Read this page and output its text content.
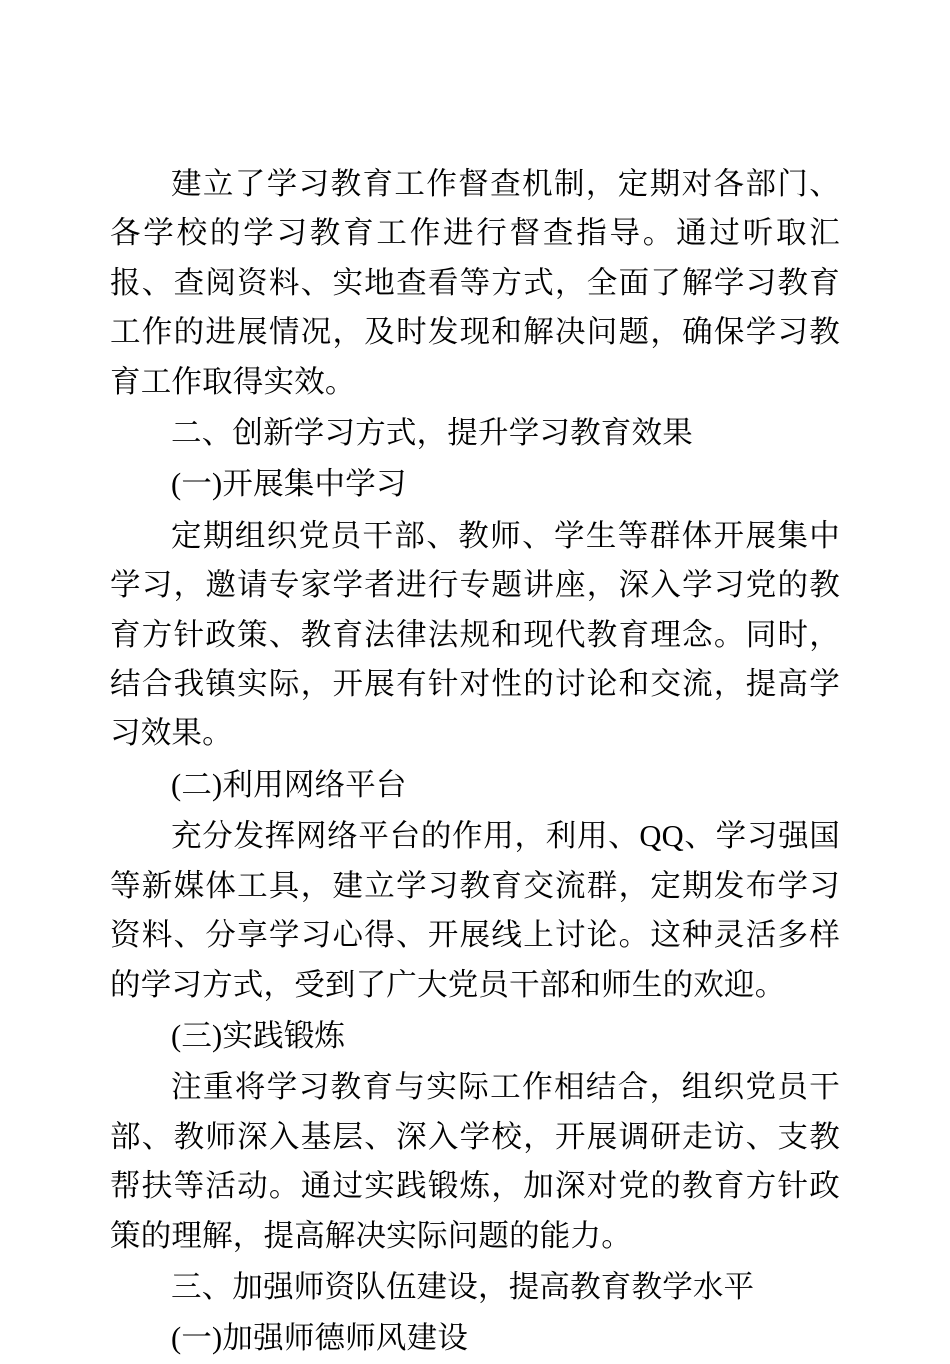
建立了学习教育工作督查机制，定期对各部门、各学校的学习教育工作进行督查指导。通过听取汇报、查阅资料、实地查看等方式，全面了解学习教育工作的进展情况，及时发现和解决问题，确保学习教育工作取得实效。

二、创新学习方式，提升学习教育效果

(一)开展集中学习

定期组织党员干部、教师、学生等群体开展集中学习，邀请专家学者进行专题讲座，深入学习党的教育方针政策、教育法律法规和现代教育理念。同时，结合我镇实际，开展有针对性的讨论和交流，提高学习效果。

(二)利用网络平台

充分发挥网络平台的作用，利用、QQ、学习强国等新媒体工具，建立学习教育交流群，定期发布学习资料、分享学习心得、开展线上讨论。这种灵活多样的学习方式，受到了广大党员干部和师生的欢迎。

(三)实践锻炼

注重将学习教育与实际工作相结合，组织党员干部、教师深入基层、深入学校，开展调研走访、支教帮扶等活动。通过实践锻炼，加深对党的教育方针政策的理解，提高解决实际问题的能力。

三、加强师资队伍建设，提高教育教学水平

(一)加强师德师风建设
